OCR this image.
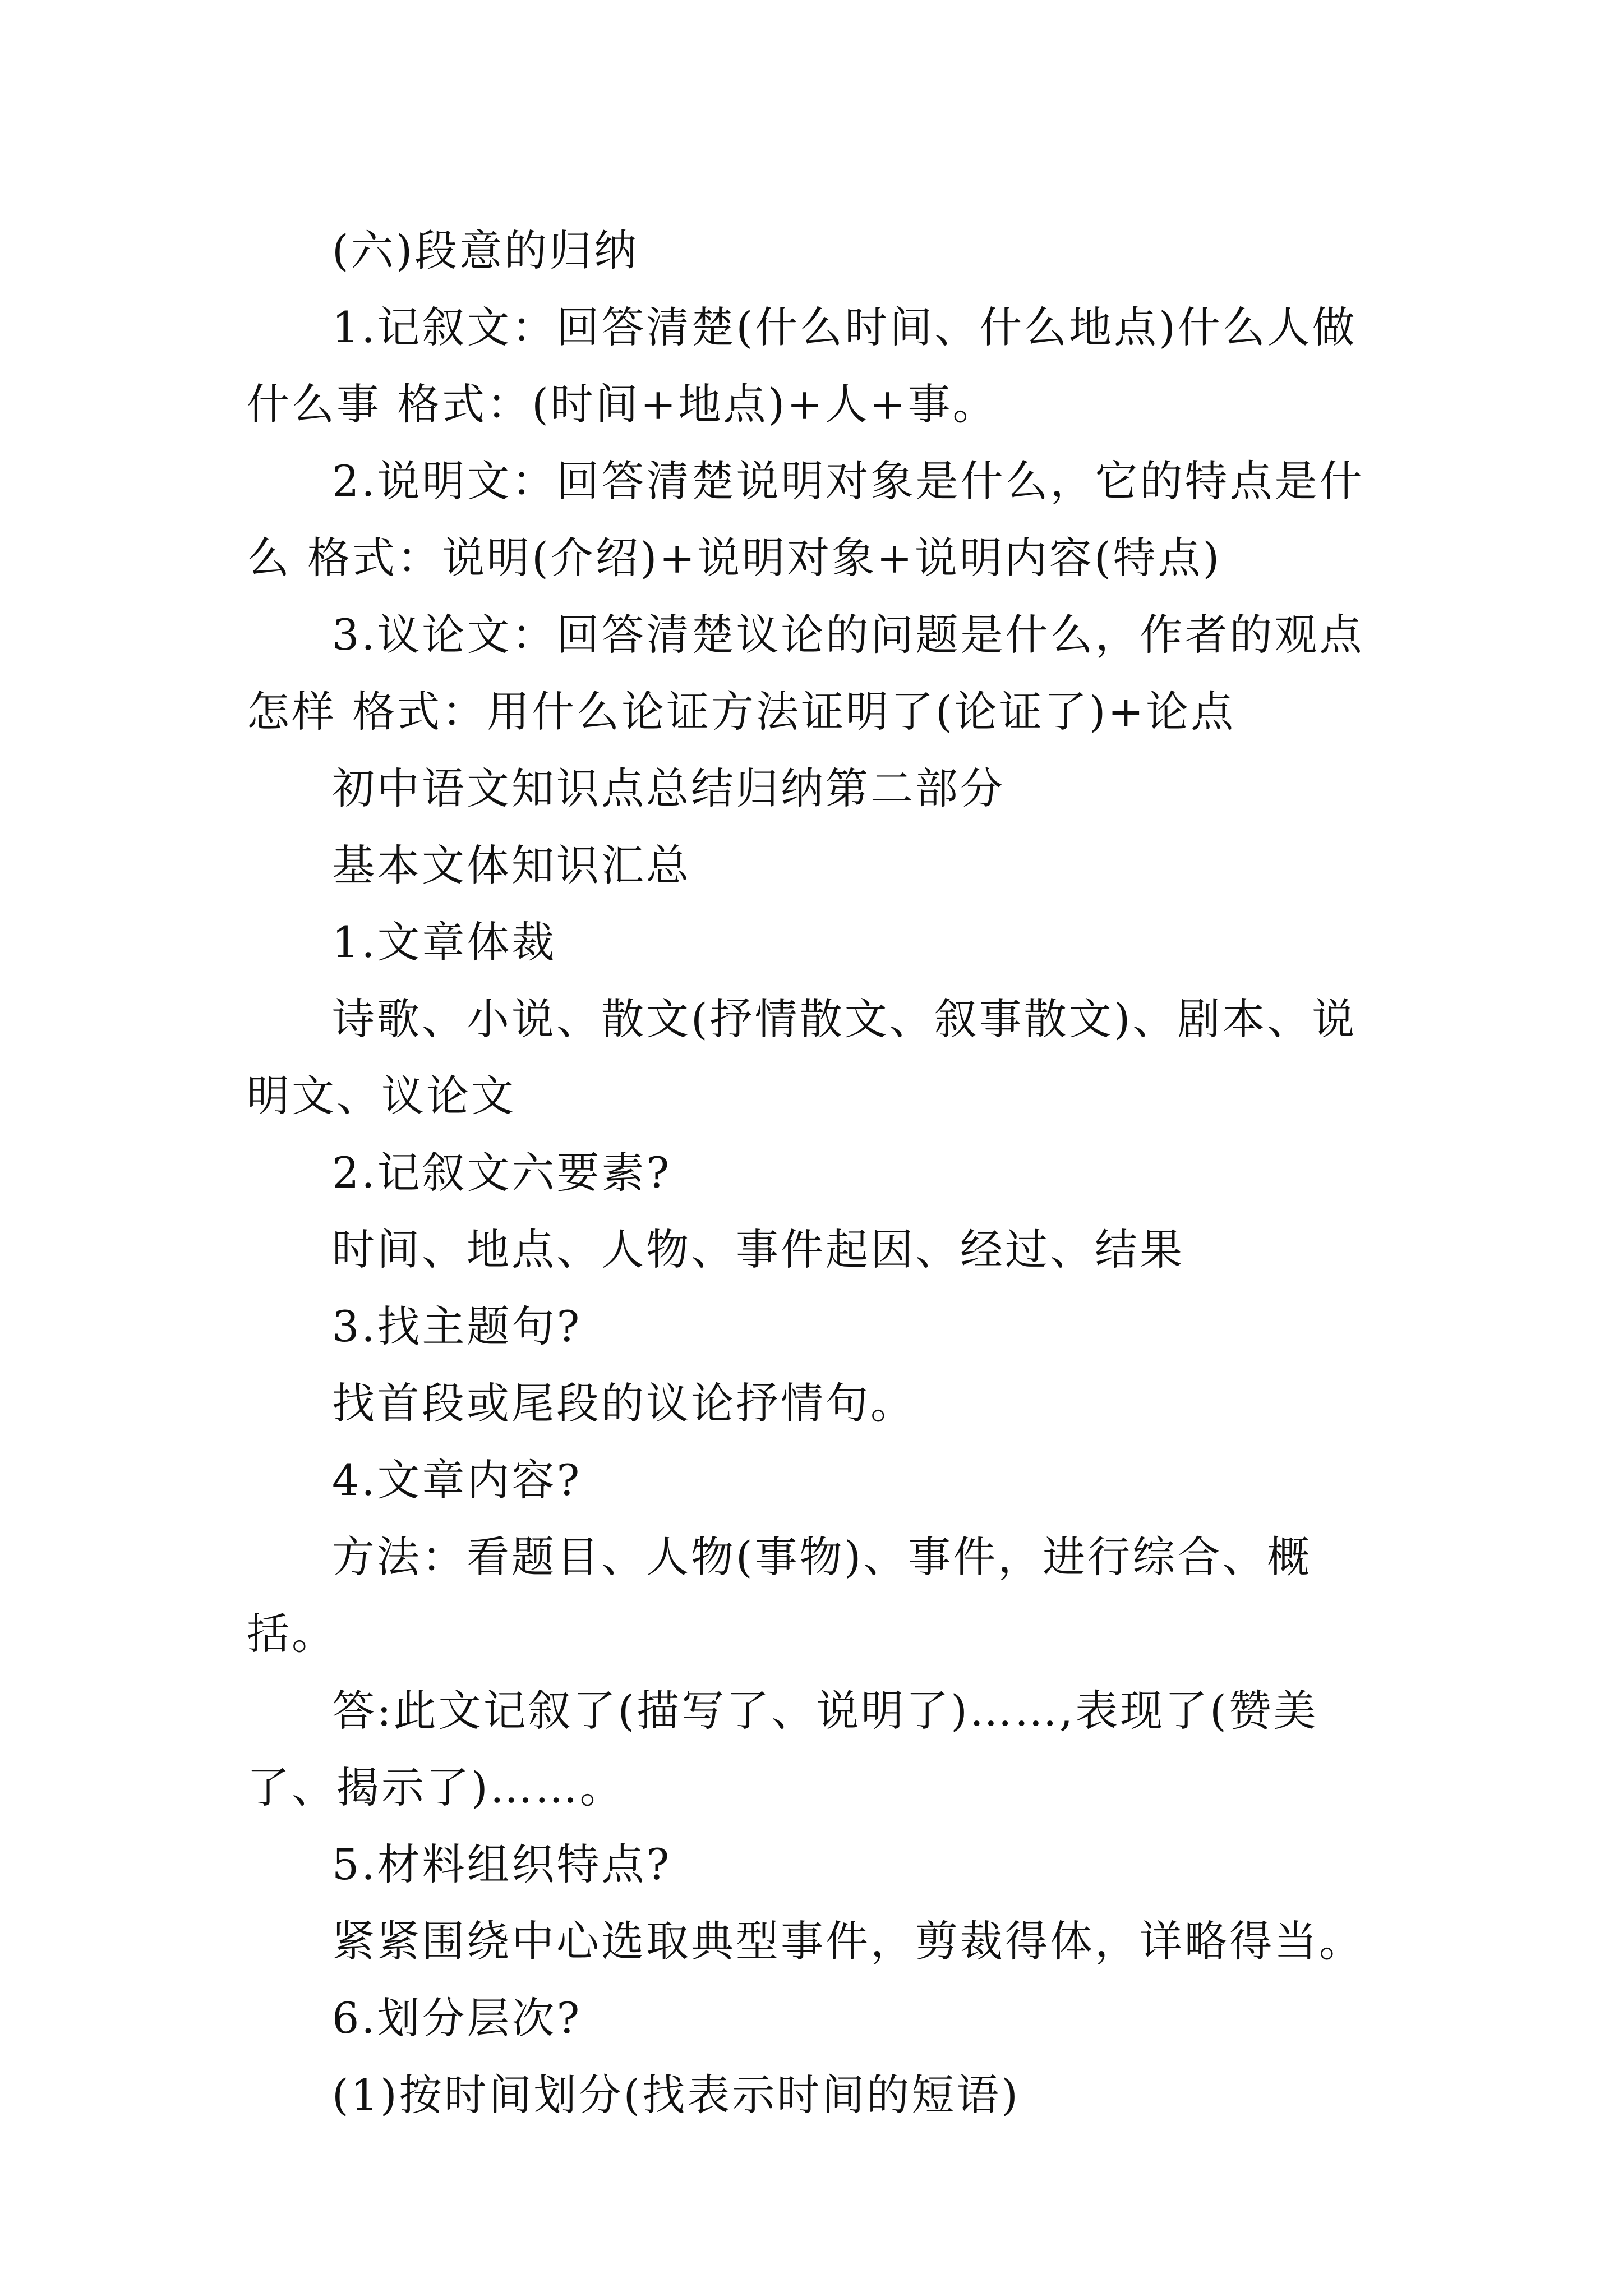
(六)段意的归纳

1.记叙文：回答清楚(什么时间、什么地点)什么人做什么事 格式：(时间+地点)+人+事。

2.说明文：回答清楚说明对象是什么，它的特点是什么 格式：说明(介绍)+说明对象+说明内容(特点)

3.议论文：回答清楚议论的问题是什么，作者的观点怎样 格式：用什么论证方法证明了(论证了)+论点

初中语文知识点总结归纳第二部分

基本文体知识汇总

1.文章体裁

诗歌、小说、散文(抒情散文、叙事散文)、剧本、说明文、议论文

2.记叙文六要素?

时间、地点、人物、事件起因、经过、结果

3.找主题句?

找首段或尾段的议论抒情句。

4.文章内容?

方法：看题目、人物(事物)、事件，进行综合、概括。

答:此文记叙了(描写了、说明了)……,表现了(赞美了、揭示了)……。

5.材料组织特点?

紧紧围绕中心选取典型事件，剪裁得体，详略得当。

6.划分层次?

(1)按时间划分(找表示时间的短语)
